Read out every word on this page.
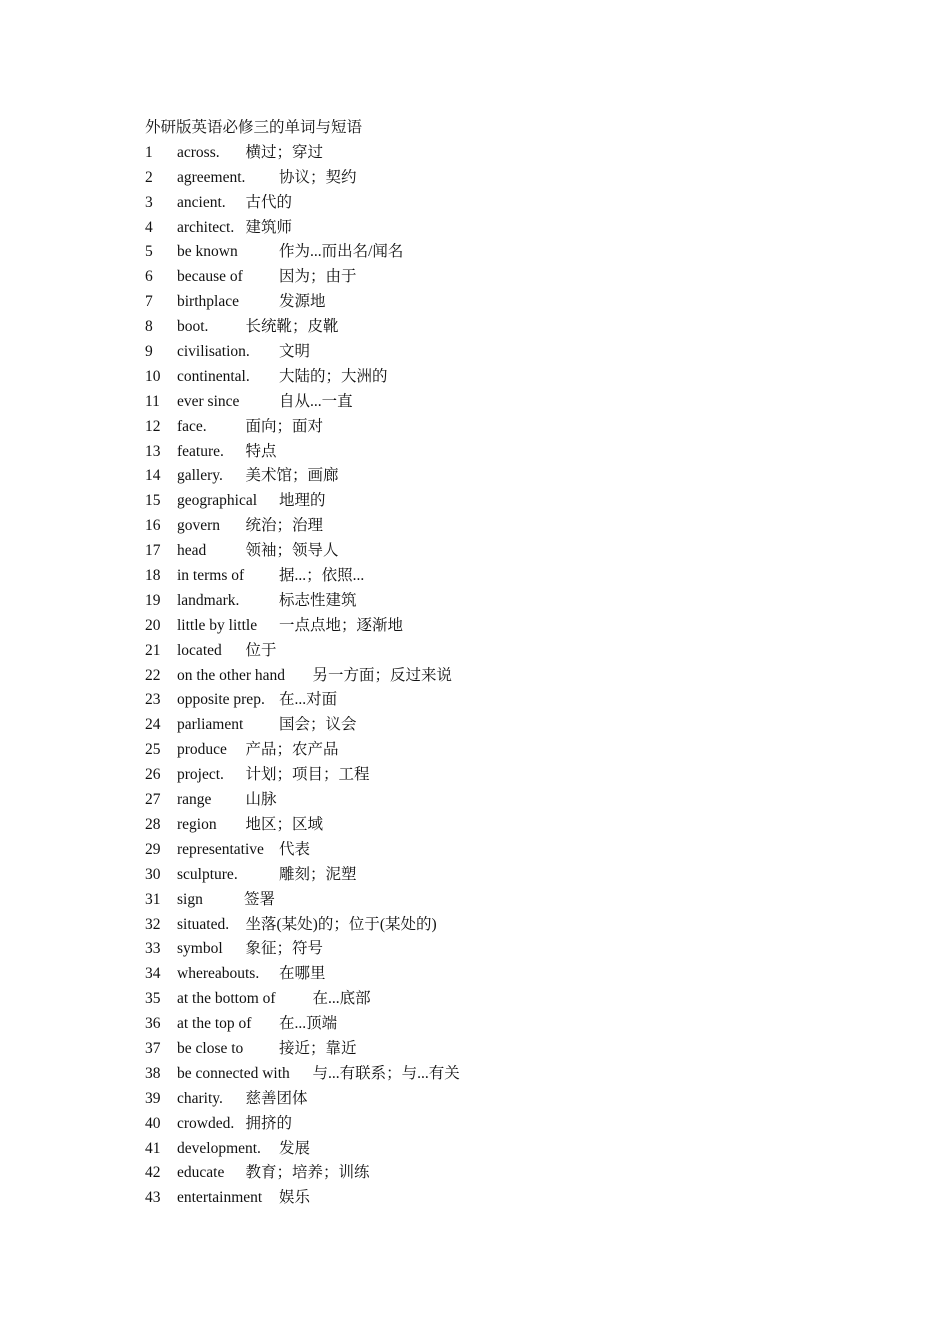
外研版英语必修三的单词与短语
1 across. 横过；穿过
2 agreement. 协议；契约
3 ancient. 古代的
4 architect. 建筑师
5 be known	作为...而出名/闻名
6 because of 因为；由于
7 birthplace	发源地
8 boot. 长统靴；皮靴
9 civilisation. 文明
10 continental. 大陆的；大洲的
11 ever since	自从...一直
12 face.	面向；面对
13 feature. 特点
14 gallery. 美术馆；画廊
15 geographical 地理的
16 govern 统治；治理
17 head	领袖；领导人
18 in terms of 据...；依照...
19 landmark.	标志性建筑
20 little by little 一点点地；逐渐地
21 located 位于
22 on the other hand 另一方面；反过来说
23 opposite prep. 在...对面
24 parliament 国会；议会
25 produce 产品；农产品
26 project. 计划；项目；工程
27 range 山脉
28 region 地区；区域
29 representative 代表
30 sculpture.	雕刻；泥塑
31 sign	签署
32 situated. 坐落(某处)的；位于(某处的)
33 symbol 象征；符号
34 whereabouts. 在哪里
35 at the bottom of 在...底部
36 at the top of 在...顶端
37 be close to 接近；靠近
38 be connected with 与...有联系；与...有关
39 charity. 慈善团体
40 crowded. 拥挤的
41 development. 发展
42 educate 教育；培养；训练
43 entertainment 娱乐
